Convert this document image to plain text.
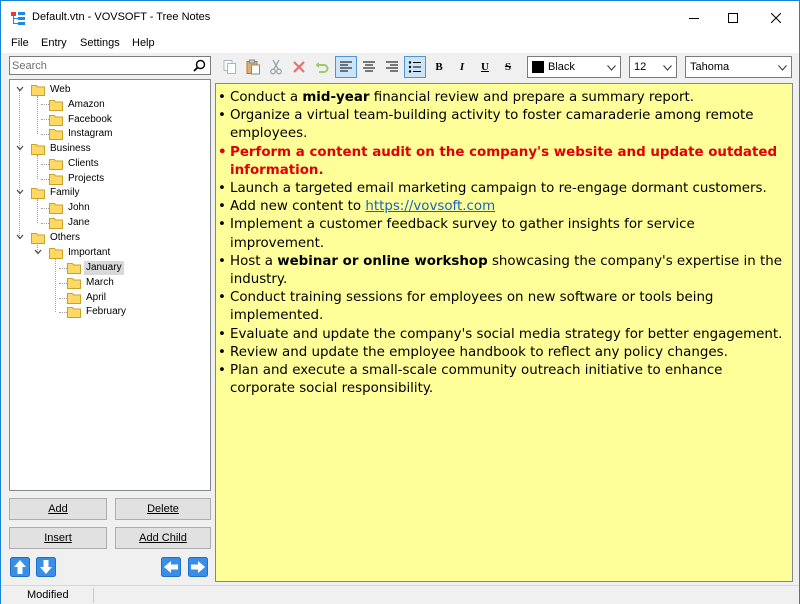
Default.vtn - VOVSOFT - Tree Notes
File Entry Settings Help
Search
Web
Amazon
Facebook
Instagram
Business
Clients
Projects
Family
John
Jane
Others
Important
January
March
April
February
Add	Delete
Insert	Add Child
B	I	U	S	Black	12	Tahoma
• Conduct a mid-year financial review and prepare a summary report.
• Organize a virtual team-building activity to foster camaraderie among remote employees.
• Perform a content audit on the company's website and update outdated information.
• Launch a targeted email marketing campaign to re-engage dormant customers.
• Add new content to https://vovsoft.com
• Implement a customer feedback survey to gather insights for service improvement.
• Host a webinar or online workshop showcasing the company's expertise in the industry.
• Conduct training sessions for employees on new software or tools being implemented.
• Evaluate and update the company's social media strategy for better engagement.
• Review and update the employee handbook to reflect any policy changes.
• Plan and execute a small-scale community outreach initiative to enhance corporate social responsibility.
Modified
